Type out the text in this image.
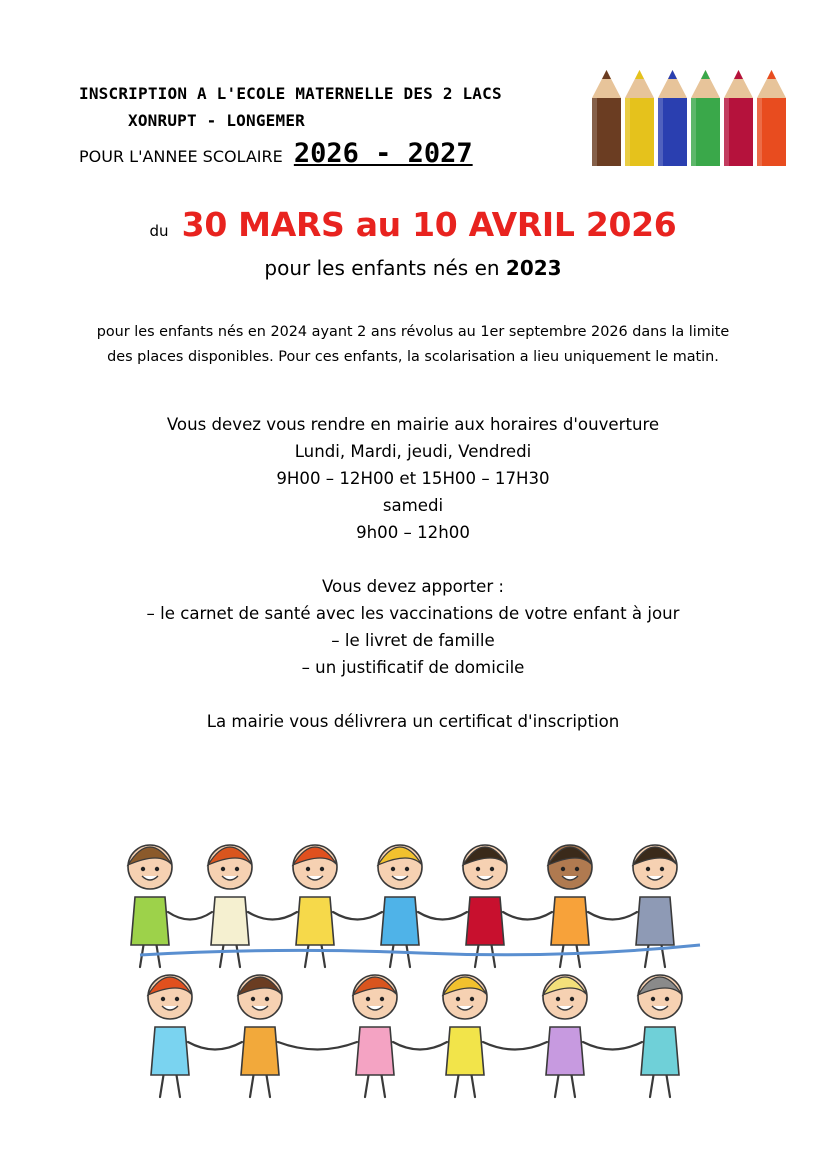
INSCRIPTION A L'ECOLE MATERNELLE DES 2 LACS
XONRUPT - LONGEMER
POUR L'ANNEE SCOLAIRE 2026 - 2027
du 30 MARS au 10 AVRIL 2026
pour les enfants nés en 2023
pour les enfants nés en 2024 ayant 2 ans révolus au 1er septembre 2026 dans la limite des places disponibles. Pour ces enfants, la scolarisation a lieu uniquement le matin.
Vous devez vous rendre en mairie aux horaires d'ouverture
Lundi, Mardi, jeudi, Vendredi
9H00 – 12H00 et 15H00 – 17H30
samedi
9h00 – 12h00
Vous devez apporter :
– le carnet de santé avec les vaccinations de votre enfant à jour
– le livret de famille
– un justificatif de domicile
La mairie vous délivrera un certificat d'inscription
